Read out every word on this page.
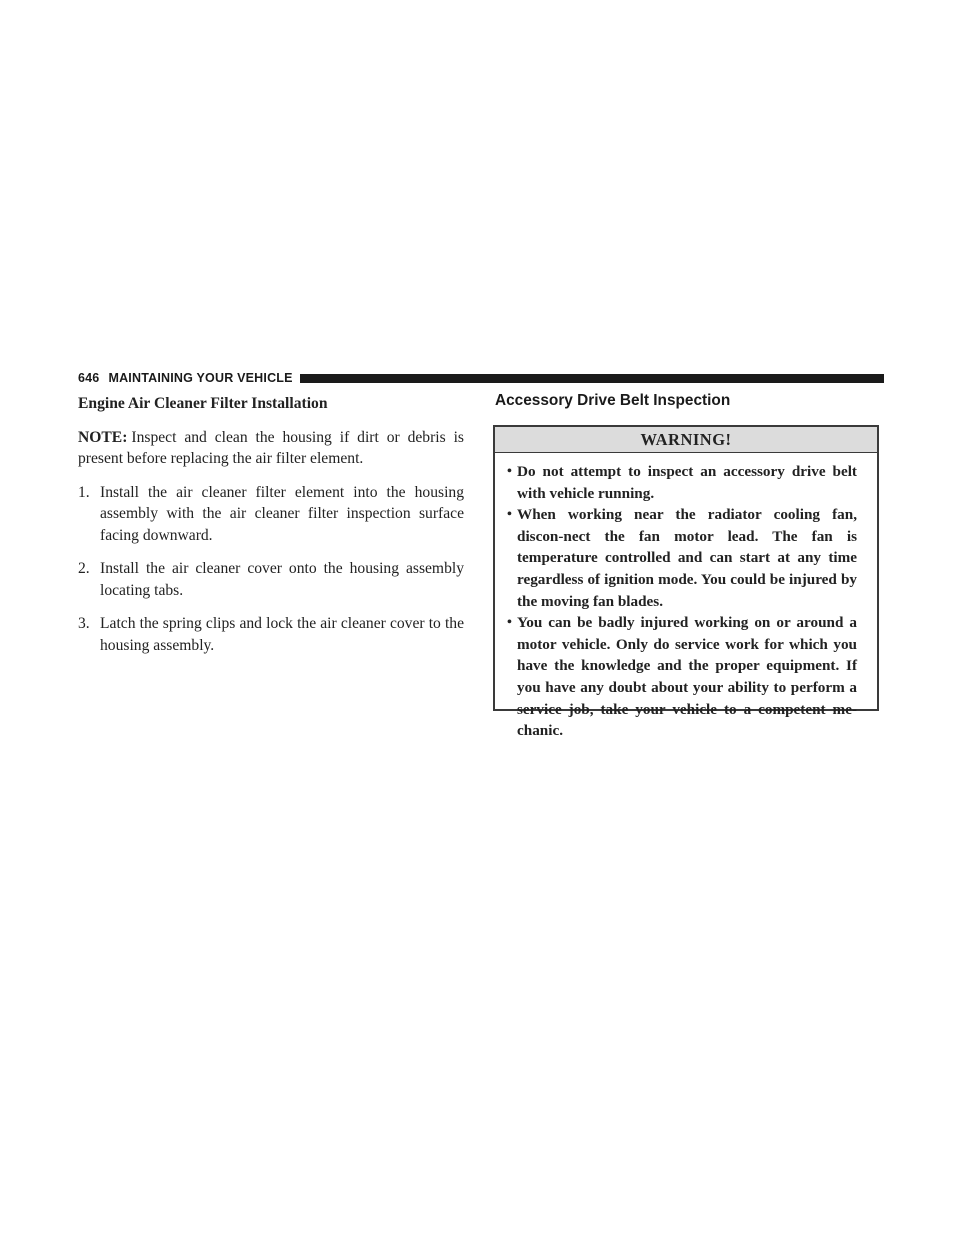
646 MAINTAINING YOUR VEHICLE

Engine Air Cleaner Filter Installation

NOTE: Inspect and clean the housing if dirt or debris is present before replacing the air filter element.

1. Install the air cleaner filter element into the housing assembly with the air cleaner filter inspection surface facing downward.
2. Install the air cleaner cover onto the housing assembly locating tabs.
3. Latch the spring clips and lock the air cleaner cover to the housing assembly.
Accessory Drive Belt Inspection
WARNING!
• Do not attempt to inspect an accessory drive belt with vehicle running.
• When working near the radiator cooling fan, discon-nect the fan motor lead. The fan is temperature controlled and can start at any time regardless of ignition mode. You could be injured by the moving fan blades.
• You can be badly injured working on or around a motor vehicle. Only do service work for which you have the knowledge and the proper equipment. If you have any doubt about your ability to perform a service job, take your vehicle to a competent me-chanic.
